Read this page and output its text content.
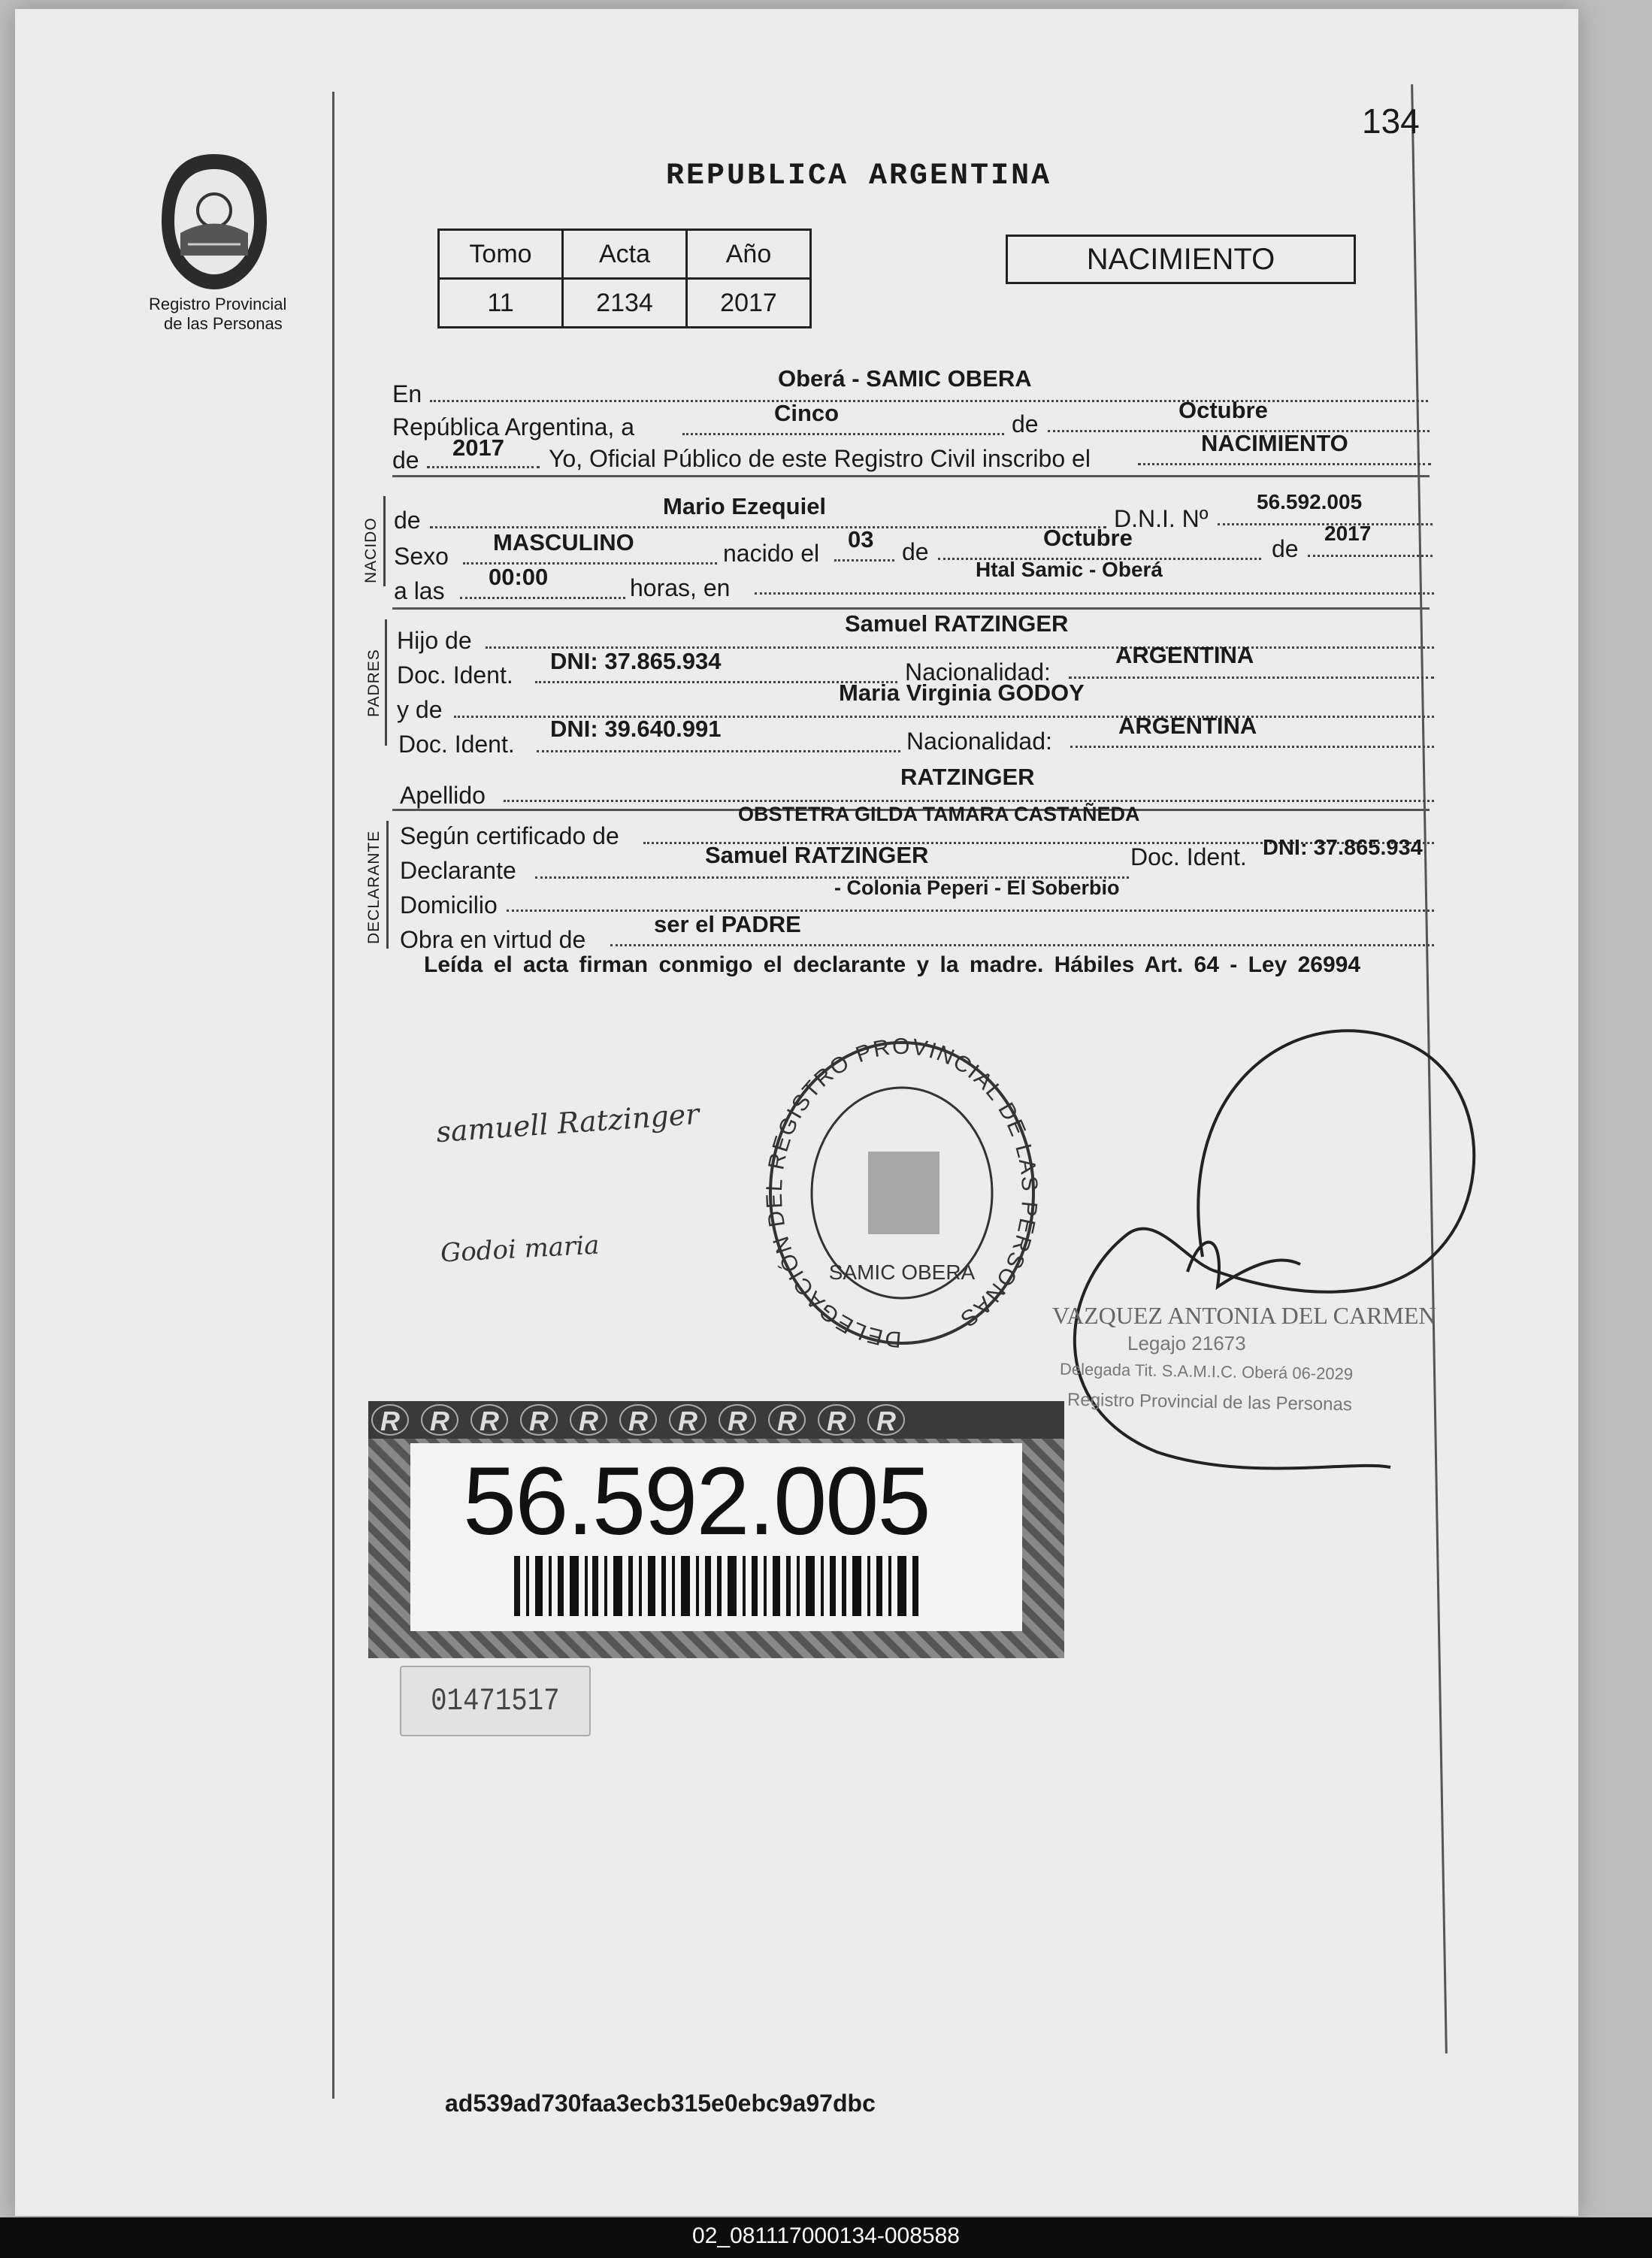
134
Registro Provincial
de las Personas
REPUBLICA ARGENTINA
Tomo	Acta	Año
11	2134	2017
NACIMIENTO
En
Oberá - SAMIC OBERA
República Argentina, a
Cinco	de
Octubre
de 2017 Yo, Oficial Público de este Registro Civil inscribo el
NACIMIENTO
NACIDO de
Mario Ezequiel	D.N.I. Nº
56.592.005
Sexo
MASCULINO	nacido el
03 de
Octubre	de
2017
a las
00:00	horas, en
Htal Samic - Oberá
PADRES
Hijo de
Samuel RATZINGER
Doc. Ident.
DNI: 37.865.934	Nacionalidad:
ARGENTINA
y de
Maria Virginia GODOY
Doc. Ident.
DNI: 39.640.991	Nacionalidad:
ARGENTINA
Apellido
RATZINGER
DECLARANTE Según certificado de
OBSTETRA GILDA TAMARA CASTAÑEDA
Declarante
Samuel RATZINGER	Doc. Ident. DNI: 37.865.934
Domicilio
- Colonia Peperi - El Soberbio
Obra en virtud de
ser el PADRE
Leída el acta firman conmigo el declarante y la madre. Hábiles Art. 64 - Ley 26994
samuell Ratzinger
Godoi maria
DELEGACIÓN DEL REGISTRO PROVINCIAL DE LAS PERSONAS
SAMIC OBERA
VAZQUEZ ANTONIA DEL CARMEN
Legajo 21673
Delegada Tit. S.A.M.I.C. Oberá 06-2029
Registro Provincial de las Personas
R	R	R	R	R	R	R	R	R	R	R
56.592.005
01471517
ad539ad730faa3ecb315e0ebc9a97dbc
02_081117000134-008588
